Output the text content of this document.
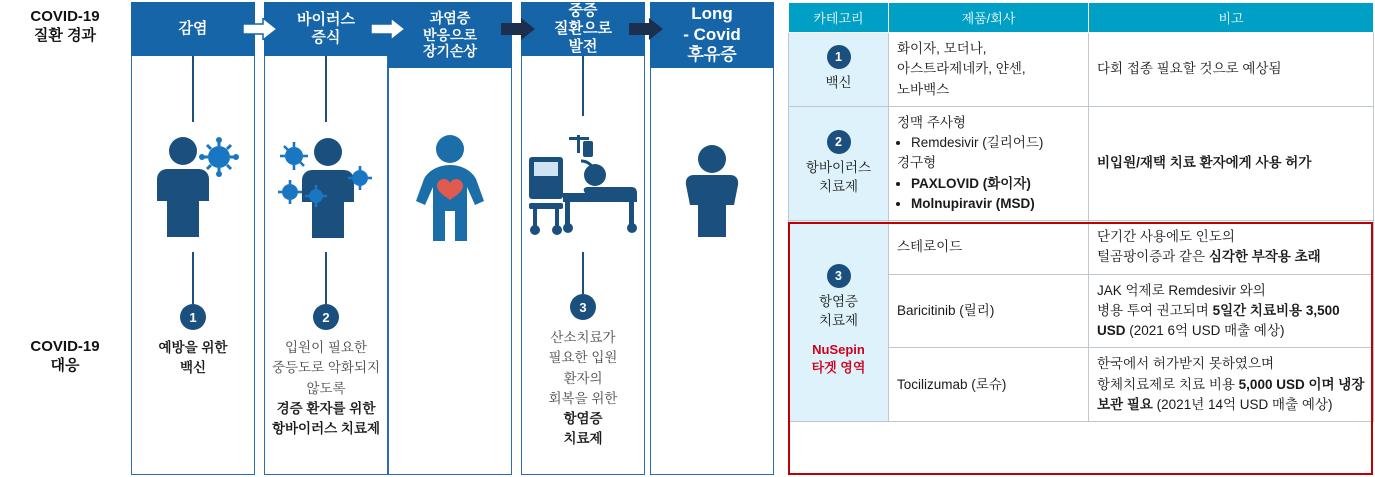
COVID-19
질환 경과
COVID-19
대응
감염
1
예방을 위한
백신
바이러스
증식
2
입원이 필요한
중등도로 악화되지
않도록
경증 환자를 위한
항바이러스 치료제
과염증
반응으로
장기손상
중증
질환으로
발전
3
산소치료가
필요한 입원
환자의
회복을 위한
항염증
치료제
Long
- Covid
후유증
카테고리	제품/회사	비고

1
백신
	화이자, 모더나,
아스트라제네카, 얀센,
노바백스	다회 접종 필요할 것으로 예상됨

2
항바이러스
치료제
	정맥 주사형

• Remdesivir (길리어드)
경구형

• PAXLOVID (화이자)
• Molnupiravir (MSD)
	비입원/재택 치료 환자에게 사용 허가

3
항염증
치료제
NuSepin
타겟 영역
	스테로이드	단기간 사용에도 인도의
털곰팡이증과 같은 심각한 부작용 초래
	Baricitinib (릴리)	JAK 억제로 Remdesivir 와의
병용 투여 권고되며 5일간 치료비용 3,500 USD (2021 6억 USD 매출 예상)
	Tocilizumab (로슈)	한국에서 허가받지 못하였으며
항체치료제로 치료 비용 5,000 USD 이며 냉장 보관 필요 (2021년 14억 USD 매출 예상)
